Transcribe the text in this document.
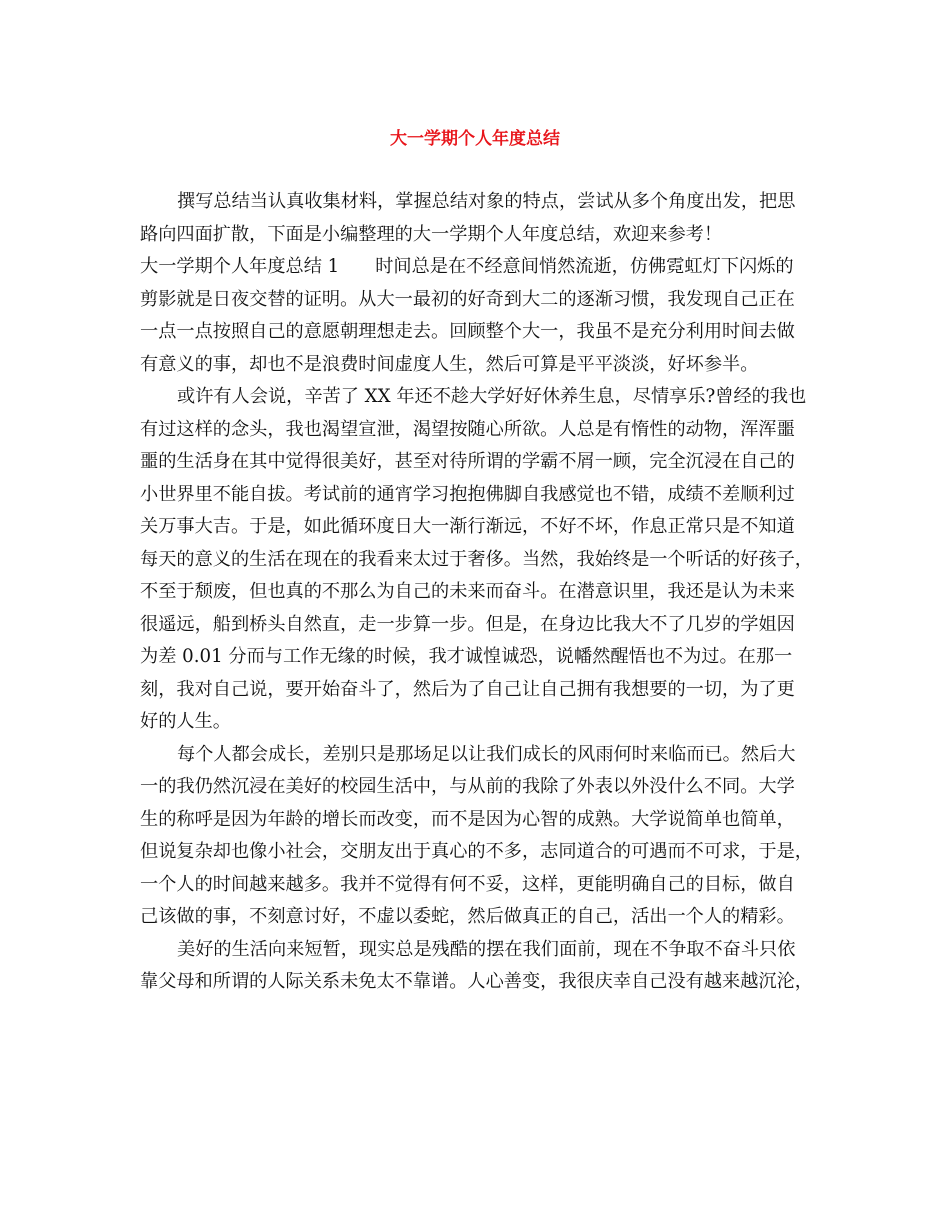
大一学期个人年度总结
撰写总结当认真收集材料，掌握总结对象的特点，尝试从多个角度出发，把思
路向四面扩散，下面是小编整理的大一学期个人年度总结，欢迎来参考！
大一学期个人年度总结 1 时间总是在不经意间悄然流逝，仿佛霓虹灯下闪烁的
剪影就是日夜交替的证明。从大一最初的好奇到大二的逐渐习惯，我发现自己正在
一点一点按照自己的意愿朝理想走去。回顾整个大一，我虽不是充分利用时间去做
有意义的事，却也不是浪费时间虚度人生，然后可算是平平淡淡，好坏参半。
或许有人会说，辛苦了 XX 年还不趁大学好好休养生息，尽情享乐?曾经的我也
有过这样的念头，我也渴望宣泄，渴望按随心所欲。人总是有惰性的动物，浑浑噩
噩的生活身在其中觉得很美好，甚至对待所谓的学霸不屑一顾，完全沉浸在自己的
小世界里不能自拔。考试前的通宵学习抱抱佛脚自我感觉也不错，成绩不差顺利过
关万事大吉。于是，如此循环度日大一渐行渐远，不好不坏，作息正常只是不知道
每天的意义的生活在现在的我看来太过于奢侈。当然，我始终是一个听话的好孩子，
不至于颓废，但也真的不那么为自己的未来而奋斗。在潜意识里，我还是认为未来
很遥远，船到桥头自然直，走一步算一步。但是，在身边比我大不了几岁的学姐因
为差 0.01 分而与工作无缘的时候，我才诚惶诚恐，说幡然醒悟也不为过。在那一
刻，我对自己说，要开始奋斗了，然后为了自己让自己拥有我想要的一切，为了更
好的人生。
每个人都会成长，差别只是那场足以让我们成长的风雨何时来临而已。然后大
一的我仍然沉浸在美好的校园生活中，与从前的我除了外表以外没什么不同。大学
生的称呼是因为年龄的增长而改变，而不是因为心智的成熟。大学说简单也简单，
但说复杂却也像小社会，交朋友出于真心的不多，志同道合的可遇而不可求，于是，
一个人的时间越来越多。我并不觉得有何不妥，这样，更能明确自己的目标，做自
己该做的事，不刻意讨好，不虚以委蛇，然后做真正的自己，活出一个人的精彩。
美好的生活向来短暂，现实总是残酷的摆在我们面前，现在不争取不奋斗只依
靠父母和所谓的人际关系未免太不靠谱。人心善变，我很庆幸自己没有越来越沉沦，
